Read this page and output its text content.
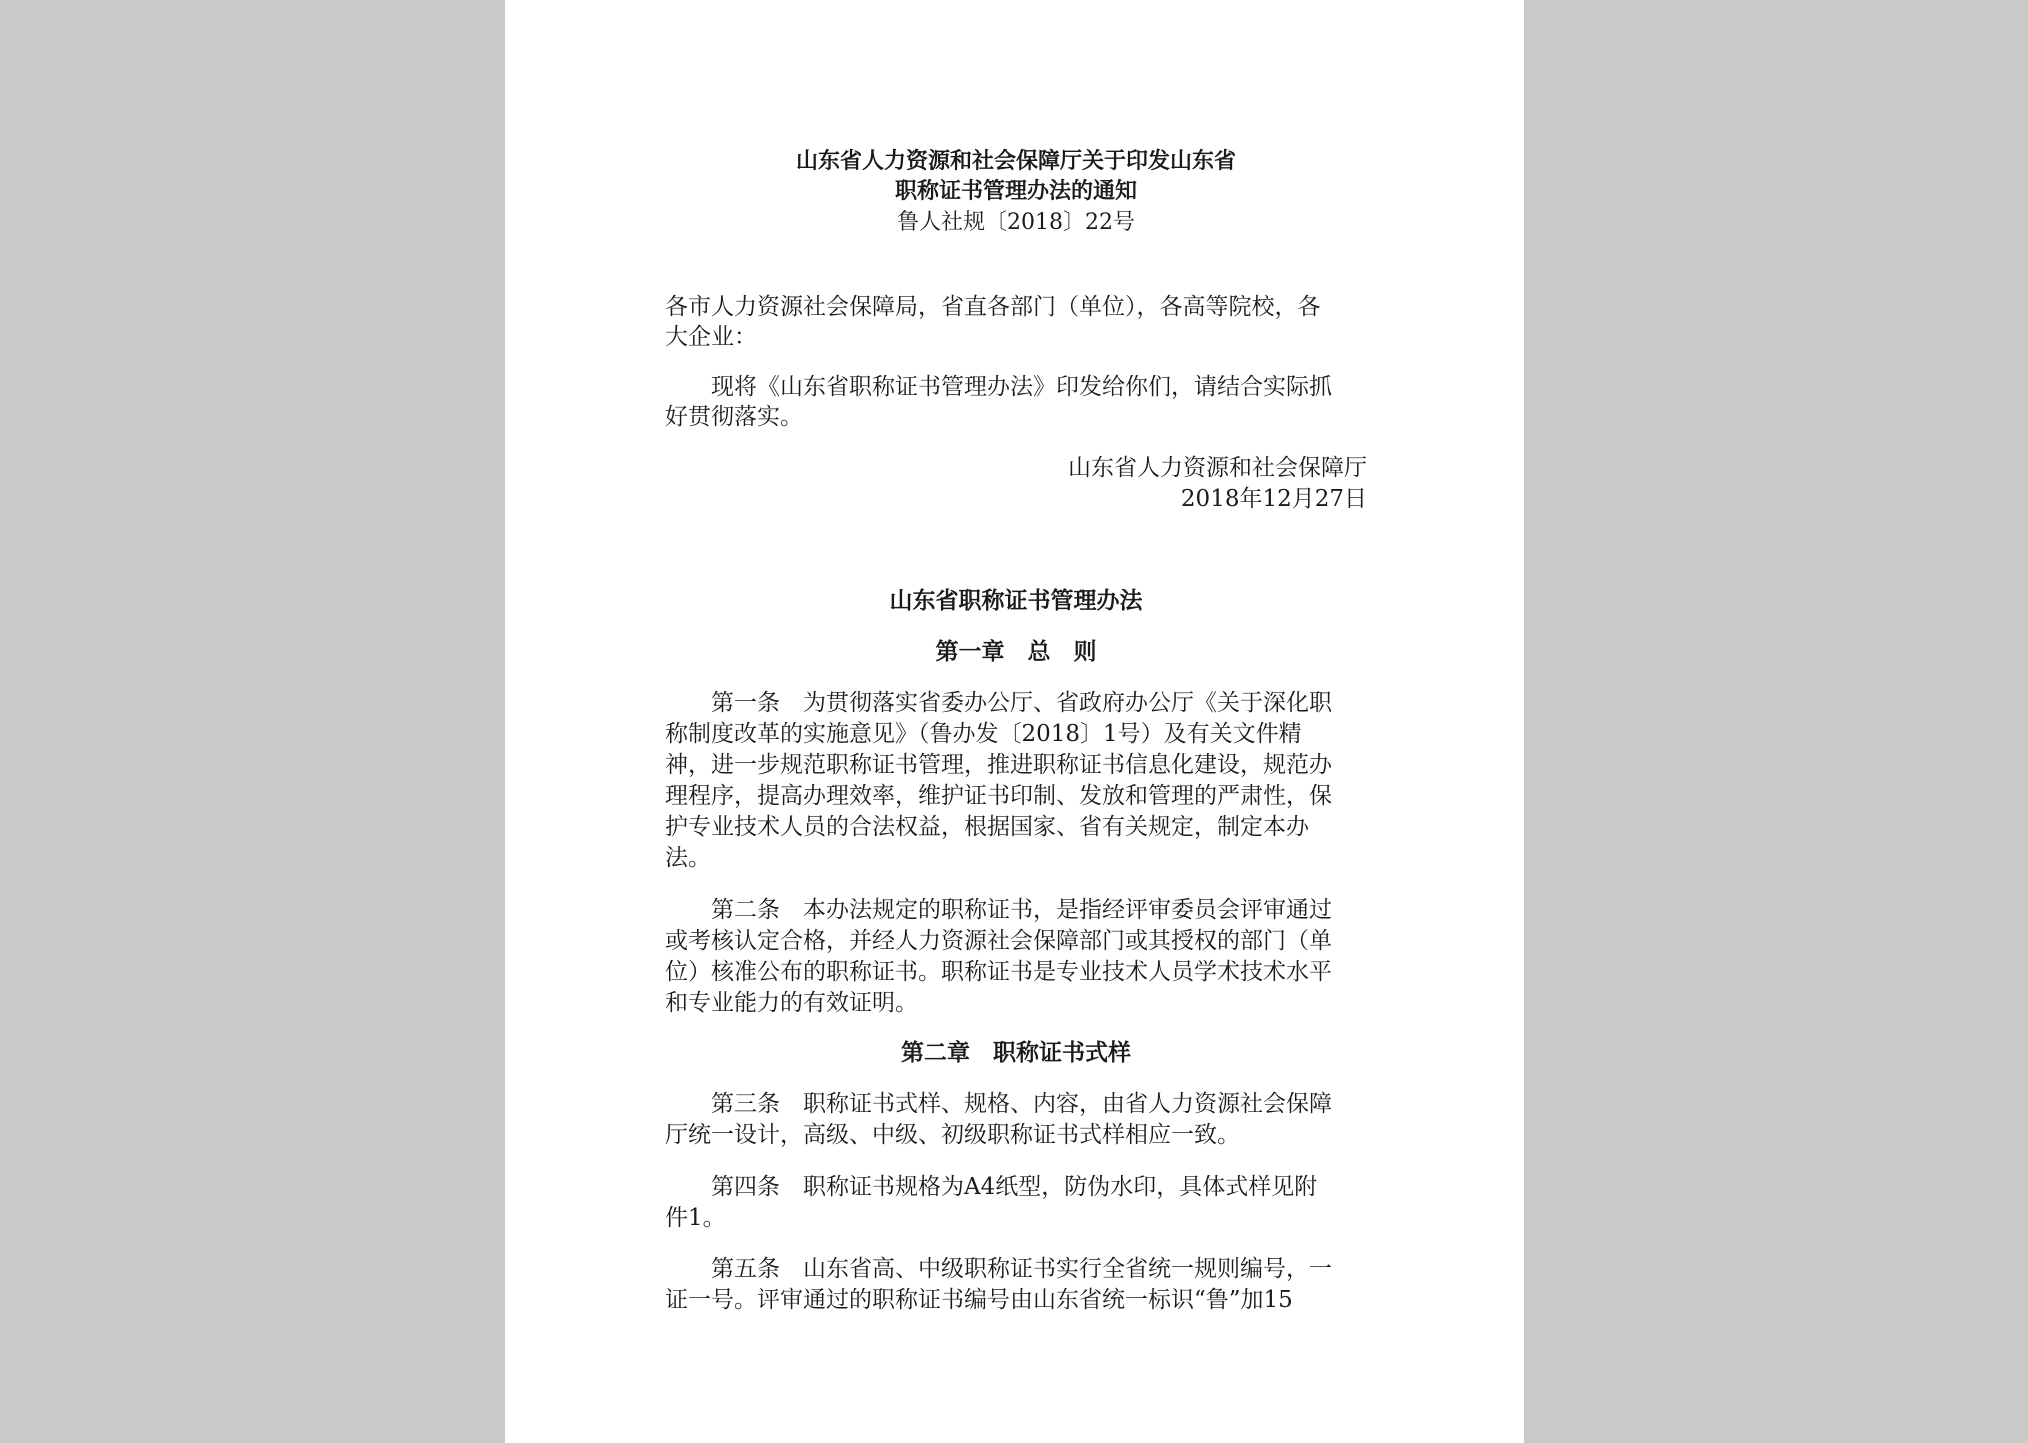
山东省人力资源和社会保障厅关于印发山东省
职称证书管理办法的通知
鲁人社规〔2018〕22号
各市人力资源社会保障局，省直各部门（单位），各高等院校，各
大企业：
现将《山东省职称证书管理办法》印发给你们，请结合实际抓
好贯彻落实。
山东省人力资源和社会保障厅
2018年12月27日
山东省职称证书管理办法
第一章　总　则
第一条　为贯彻落实省委办公厅、省政府办公厅《关于深化职
称制度改革的实施意见》（鲁办发〔2018〕1号）及有关文件精
神，进一步规范职称证书管理，推进职称证书信息化建设，规范办
理程序，提高办理效率，维护证书印制、发放和管理的严肃性，保
护专业技术人员的合法权益，根据国家、省有关规定，制定本办
法。
第二条　本办法规定的职称证书，是指经评审委员会评审通过
或考核认定合格，并经人力资源社会保障部门或其授权的部门（单
位）核准公布的职称证书。职称证书是专业技术人员学术技术水平
和专业能力的有效证明。
第二章　职称证书式样
第三条　职称证书式样、规格、内容，由省人力资源社会保障
厅统一设计，高级、中级、初级职称证书式样相应一致。
第四条　职称证书规格为A4纸型，防伪水印，具体式样见附
件1。
第五条　山东省高、中级职称证书实行全省统一规则编号，一
证一号。评审通过的职称证书编号由山东省统一标识“鲁”加15
